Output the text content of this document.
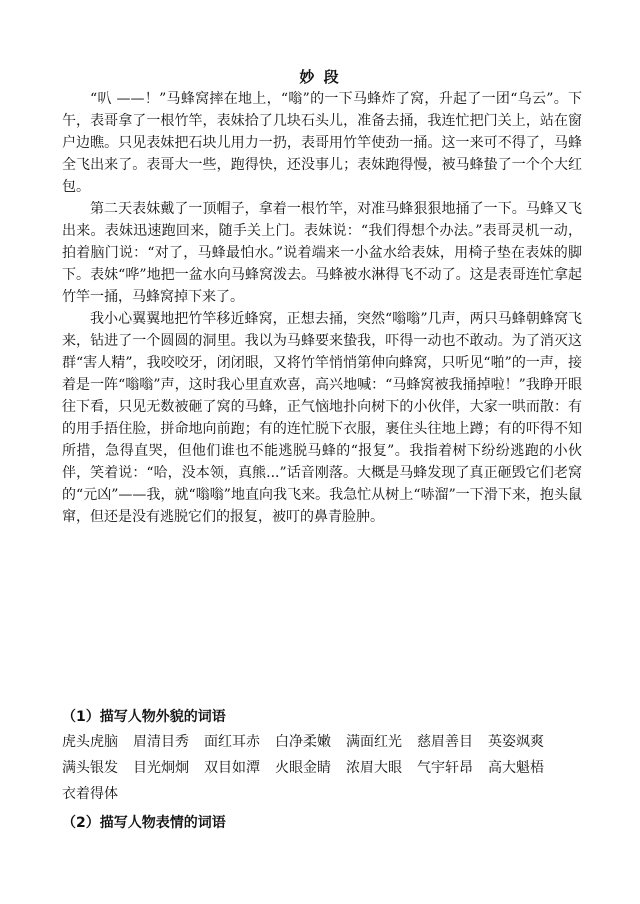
妙 段

“叭 ——！”马蜂窝摔在地上，“嗡”的一下马蜂炸了窝，升起了一团“乌云”。下午，表哥拿了一根竹竿，表妹拾了几块石头儿，准备去捅，我连忙把门关上，站在窗户边瞧。只见表妹把石块儿用力一扔，表哥用竹竿使劲一捅。这一来可不得了，马蜂全飞出来了。表哥大一些，跑得快，还没事儿；表妹跑得慢，被马蜂蛰了一个个大红包。

第二天表妹戴了一顶帽子，拿着一根竹竿，对准马蜂狠狠地捅了一下。马蜂又飞出来。表妹迅速跑回来，随手关上门。表妹说：“我们得想个办法。”表哥灵机一动，拍着脑门说：“对了，马蜂最怕水。”说着端来一小盆水给表妹，用椅子垫在表妹的脚下。表妹“哗”地把一盆水向马蜂窝泼去。马蜂被水淋得飞不动了。这是表哥连忙拿起竹竿一捅，马蜂窝掉下来了。

我小心翼翼地把竹竿移近蜂窝，正想去捅，突然“嗡嗡”几声，两只马蜂朝蜂窝飞来，钻进了一个圆圆的洞里。我以为马蜂要来蛰我，吓得一动也不敢动。为了消灭这群“害人精”，我咬咬牙，闭闭眼，又将竹竿悄悄第伸向蜂窝，只听见“啪”的一声，接着是一阵“嗡嗡”声，这时我心里直欢喜，高兴地喊：“马蜂窝被我捅掉啦！”我睁开眼往下看，只见无数被砸了窝的马蜂，正气恼地扑向树下的小伙伴，大家一哄而散：有的用手捂住脸，拼命地向前跑；有的连忙脱下衣服，裹住头往地上蹲；有的吓得不知所措，急得直哭，但他们谁也不能逃脱马蜂的“报复”。我指着树下纷纷逃跑的小伙伴，笑着说：“哈，没本领，真熊...”话音刚落。大概是马蜂发现了真正砸毁它们老窝的“元凶”——我，就“嗡嗡”地直向我飞来。我急忙从树上“哧溜”一下滑下来，抱头鼠窜，但还是没有逃脱它们的报复，被叮的鼻青脸肿。

（1）描写人物外貌的词语
虎头虎脑 眉清目秀 面红耳赤 白净柔嫩 满面红光 慈眉善目 英姿飒爽
满头银发 目光炯炯 双目如潭 火眼金睛 浓眉大眼 气宇轩昂 高大魁梧
衣着得体
（2）描写人物表情的词语
